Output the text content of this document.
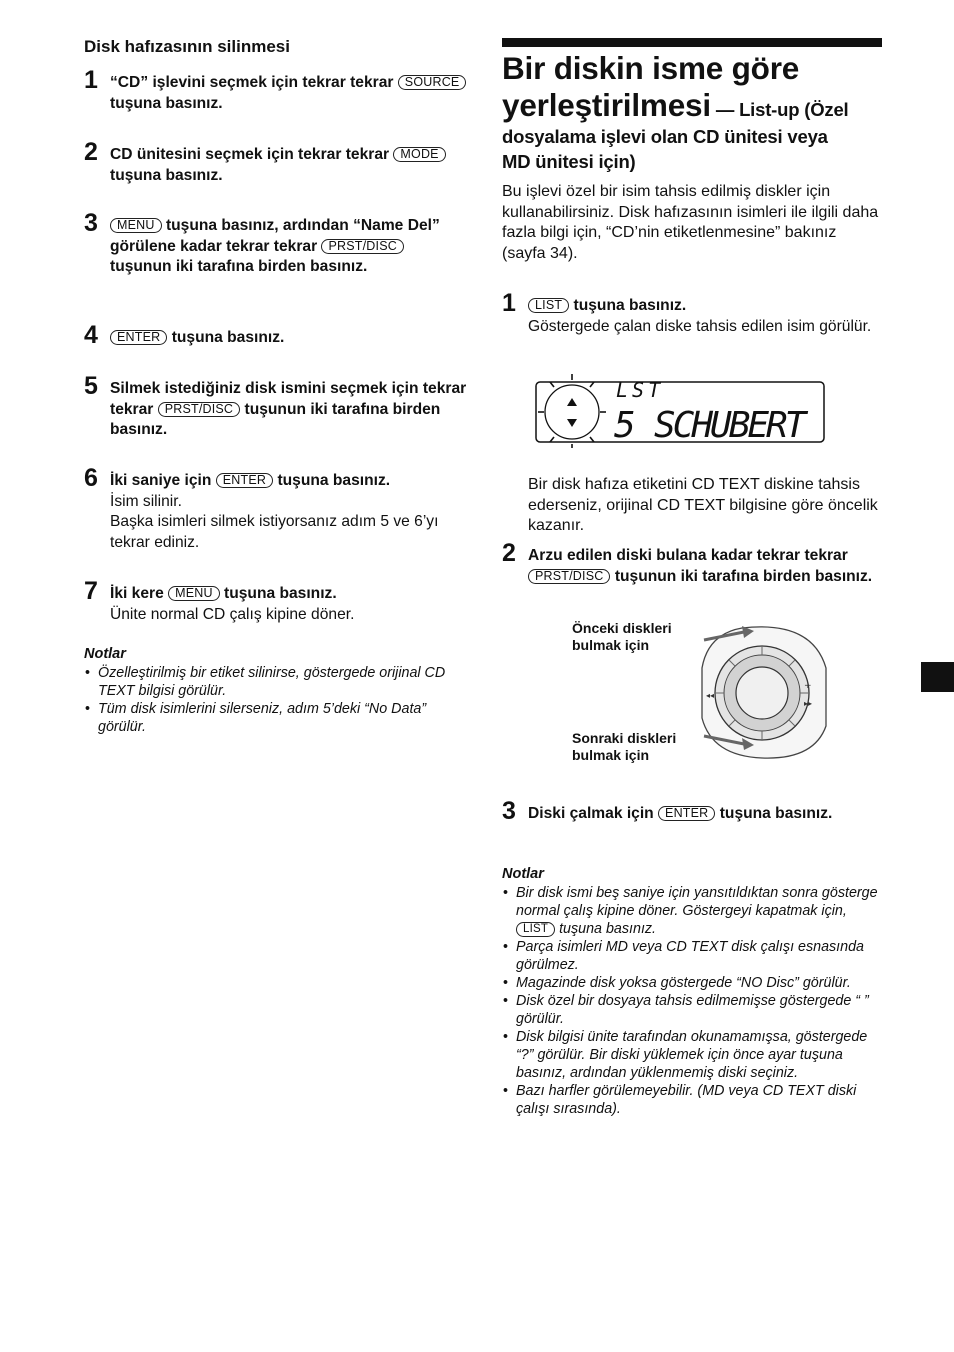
Disk hafızasının silinmesi
1 “CD” işlevini seçmek için tekrar tekrar SOURCE tuşuna basınız.
2 CD ünitesini seçmek için tekrar tekrar MODE tuşuna basınız.
3	MENU tuşuna basınız, ardından “Name Del” görülene kadar tekrar tekrar PRST/DISC tuşunun iki tarafına birden basınız.
4	ENTER tuşuna basınız.
5 Silmek istediğiniz disk ismini seçmek için tekrar tekrar PRST/DISC tuşunun iki tarafına birden basınız.
6 İki saniye için ENTER tuşuna basınız.
İsim silinir.
Başka isimleri silmek istiyorsanız adım 5 ve 6’yı tekrar ediniz.
7 İki kere MENU tuşuna basınız.
Ünite normal CD çalış kipine döner.
Notlar
• Özelleştirilmiş bir etiket silinirse, göstergede orijinal CD TEXT bilgisi görülür.
• Tüm disk isimlerini silerseniz, adım 5’deki “No Data” görülür.
Bir diskin isme göre yerleştirilmesi — List-up (Özel
dosyalama işlevi olan CD ünitesi veya
MD ünitesi için)
Bu işlevi özel bir isim tahsis edilmiş diskler için kullanabilirsiniz. Disk hafızasının isimleri ile ilgili daha fazla bilgi için, “CD’nin etiketlenmesine” bakınız (sayfa 34).
1	LIST tuşuna basınız.
Göstergede çalan diske tahsis edilen isim görülür.
LST
5 SCHUBERT
Bir disk hafıza etiketini CD TEXT diskine tahsis ederseniz, orijinal CD TEXT bilgisine göre öncelik kazanır.
2 Arzu edilen diski bulana kadar tekrar tekrar PRST/DISC tuşunun iki tarafına birden basınız.
Önceki diskleri
bulmak için
Sonraki diskleri
bulmak için
◂◂
+
▸▸
3 Diski çalmak için ENTER tuşuna basınız.
Notlar
• Bir disk ismi beş saniye için yansıtıldıktan sonra gösterge normal çalış kipine döner. Göstergeyi kapatmak için, LIST tuşuna basınız.
• Parça isimleri MD veya CD TEXT disk çalışı esnasında görülmez.
• Magazinde disk yoksa göstergede “NO Disc” görülür.
• Disk özel bir dosyaya tahsis edilmemişse göstergede “ ” görülür.
• Disk bilgisi ünite tarafından okunamamışsa, göstergede “?” görülür. Bir diski yüklemek için önce ayar tuşuna basınız, ardından yüklenmemiş diski seçiniz.
• Bazı harfler görülemeyebilir. (MD veya CD TEXT diski çalışı sırasında).
